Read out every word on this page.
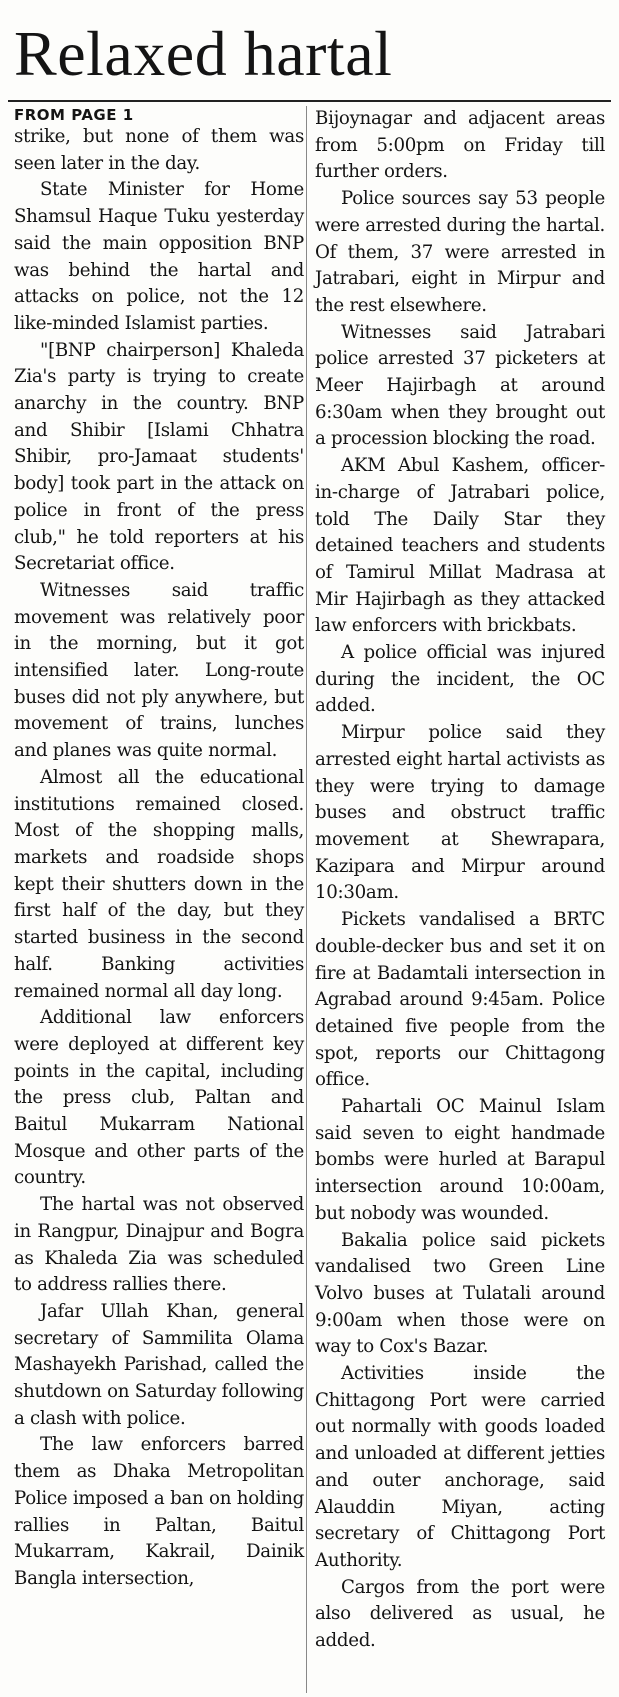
Relaxed hartal
FROM PAGE 1

strike, but none of them was seen later in the day.

State Minister for Home Shamsul Haque Tuku yesterday said the main opposition BNP was behind the hartal and attacks on police, not the 12 like-minded Islamist parties.

"[BNP chairperson] Khaleda Zia's party is trying to create anarchy in the country. BNP and Shibir [Islami Chhatra Shibir, pro-Jamaat students' body] took part in the attack on police in front of the press club," he told reporters at his Secretariat office.

Witnesses said traffic movement was relatively poor in the morning, but it got intensified later. Long-route buses did not ply anywhere, but movement of trains, lunches and planes was quite normal.

Almost all the educational institutions remained closed. Most of the shopping malls, markets and roadside shops kept their shutters down in the first half of the day, but they started business in the second half. Banking activities remained normal all day long.

Additional law enforcers were deployed at different key points in the capital, including the press club, Paltan and Baitul Mukarram National Mosque and other parts of the country.

The hartal was not observed in Rangpur, Dinajpur and Bogra as Khaleda Zia was scheduled to address rallies there.

Jafar Ullah Khan, general secretary of Sammilita Olama Mashayekh Parishad, called the shutdown on Saturday following a clash with police.

The law enforcers barred them as Dhaka Metropolitan Police imposed a ban on holding rallies in Paltan, Baitul Mukarram, Kakrail, Dainik Bangla intersection,

Bijoynagar and adjacent areas from 5:00pm on Friday till further orders.

Police sources say 53 people were arrested during the hartal. Of them, 37 were arrested in Jatrabari, eight in Mirpur and the rest elsewhere.

Witnesses said Jatrabari police arrested 37 picketers at Meer Hajirbagh at around 6:30am when they brought out a procession blocking the road.

AKM Abul Kashem, officer-in-charge of Jatrabari police, told The Daily Star they detained teachers and students of Tamirul Millat Madrasa at Mir Hajirbagh as they attacked law enforcers with brickbats.

A police official was injured during the incident, the OC added.

Mirpur police said they arrested eight hartal activists as they were trying to damage buses and obstruct traffic movement at Shewrapara, Kazipara and Mirpur around 10:30am.

Pickets vandalised a BRTC double-decker bus and set it on fire at Badamtali intersection in Agrabad around 9:45am. Police detained five people from the spot, reports our Chittagong office.

Pahartali OC Mainul Islam said seven to eight handmade bombs were hurled at Barapul intersection around 10:00am, but nobody was wounded.

Bakalia police said pickets vandalised two Green Line Volvo buses at Tulatali around 9:00am when those were on way to Cox's Bazar.

Activities inside the Chittagong Port were carried out normally with goods loaded and unloaded at different jetties and outer anchorage, said Alauddin Miyan, acting secretary of Chittagong Port Authority.

Cargos from the port were also delivered as usual, he added.
